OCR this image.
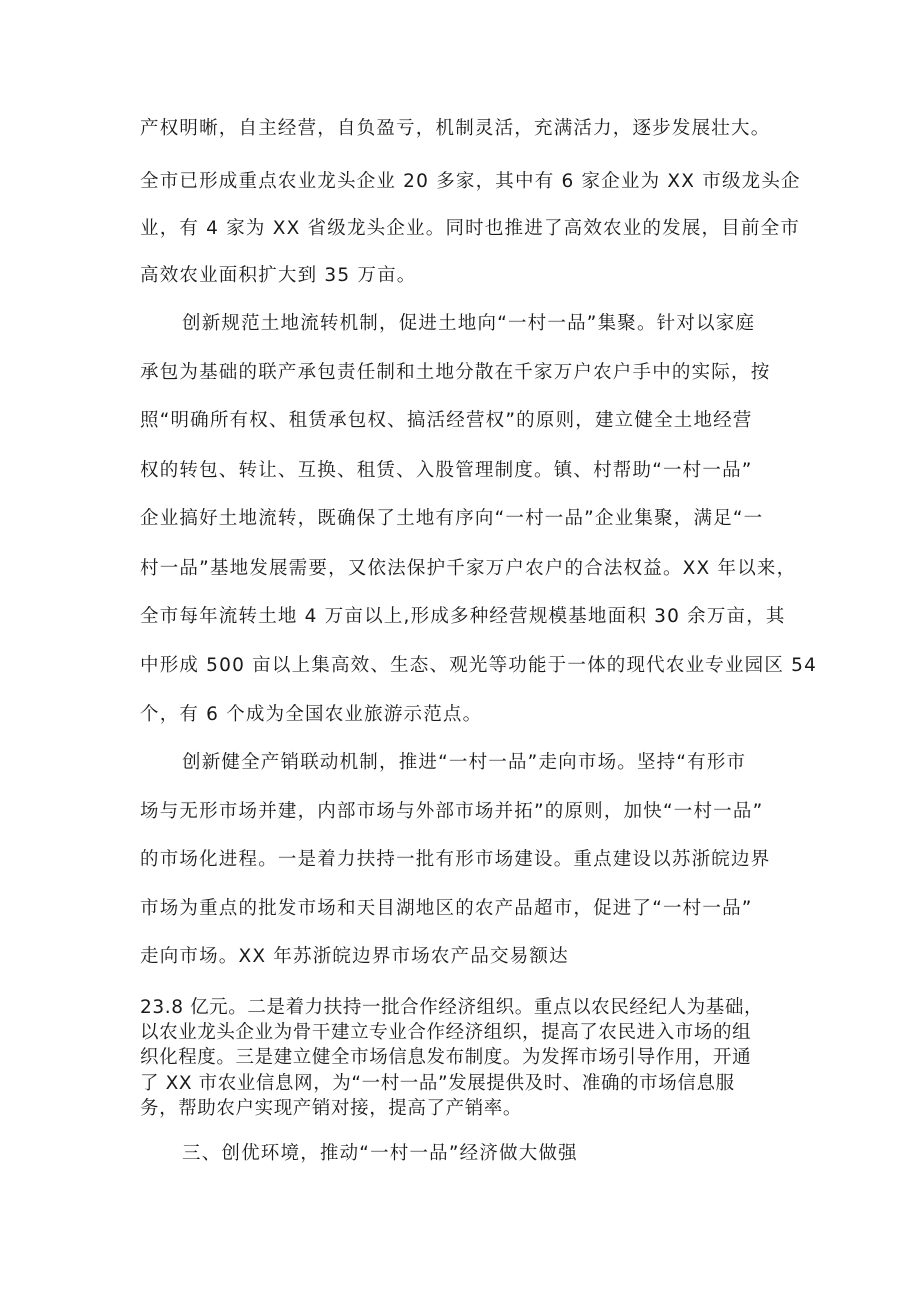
产权明晰，自主经营，自负盈亏，机制灵活，充满活力，逐步发展壮大。
全市已形成重点农业龙头企业 20 多家，其中有 6 家企业为 XX 市级龙头企
业，有 4 家为 XX 省级龙头企业。同时也推进了高效农业的发展，目前全市
高效农业面积扩大到 35 万亩。
创新规范土地流转机制，促进土地向“一村一品”集聚。针对以家庭
承包为基础的联产承包责任制和土地分散在千家万户农户手中的实际，按
照“明确所有权、租赁承包权、搞活经营权”的原则，建立健全土地经营
权的转包、转让、互换、租赁、入股管理制度。镇、村帮助“一村一品”
企业搞好土地流转，既确保了土地有序向“一村一品”企业集聚，满足“一
村一品”基地发展需要，又依法保护千家万户农户的合法权益。XX 年以来，
全市每年流转土地 4 万亩以上,形成多种经营规模基地面积 30 余万亩，其
中形成 500 亩以上集高效、生态、观光等功能于一体的现代农业专业园区 54
个，有 6 个成为全国农业旅游示范点。
创新健全产销联动机制，推进“一村一品”走向市场。坚持“有形市
场与无形市场并建，内部市场与外部市场并拓”的原则，加快“一村一品”
的市场化进程。一是着力扶持一批有形市场建设。重点建设以苏浙皖边界
市场为重点的批发市场和天目湖地区的农产品超市，促进了“一村一品”
走向市场。XX 年苏浙皖边界市场农产品交易额达
23.8 亿元。二是着力扶持一批合作经济组织。重点以农民经纪人为基础，
以农业龙头企业为骨干建立专业合作经济组织，提高了农民进入市场的组
织化程度。三是建立健全市场信息发布制度。为发挥市场引导作用，开通
了 XX 市农业信息网，为“一村一品”发展提供及时、准确的市场信息服
务，帮助农户实现产销对接，提高了产销率。
三、创优环境，推动“一村一品”经济做大做强
